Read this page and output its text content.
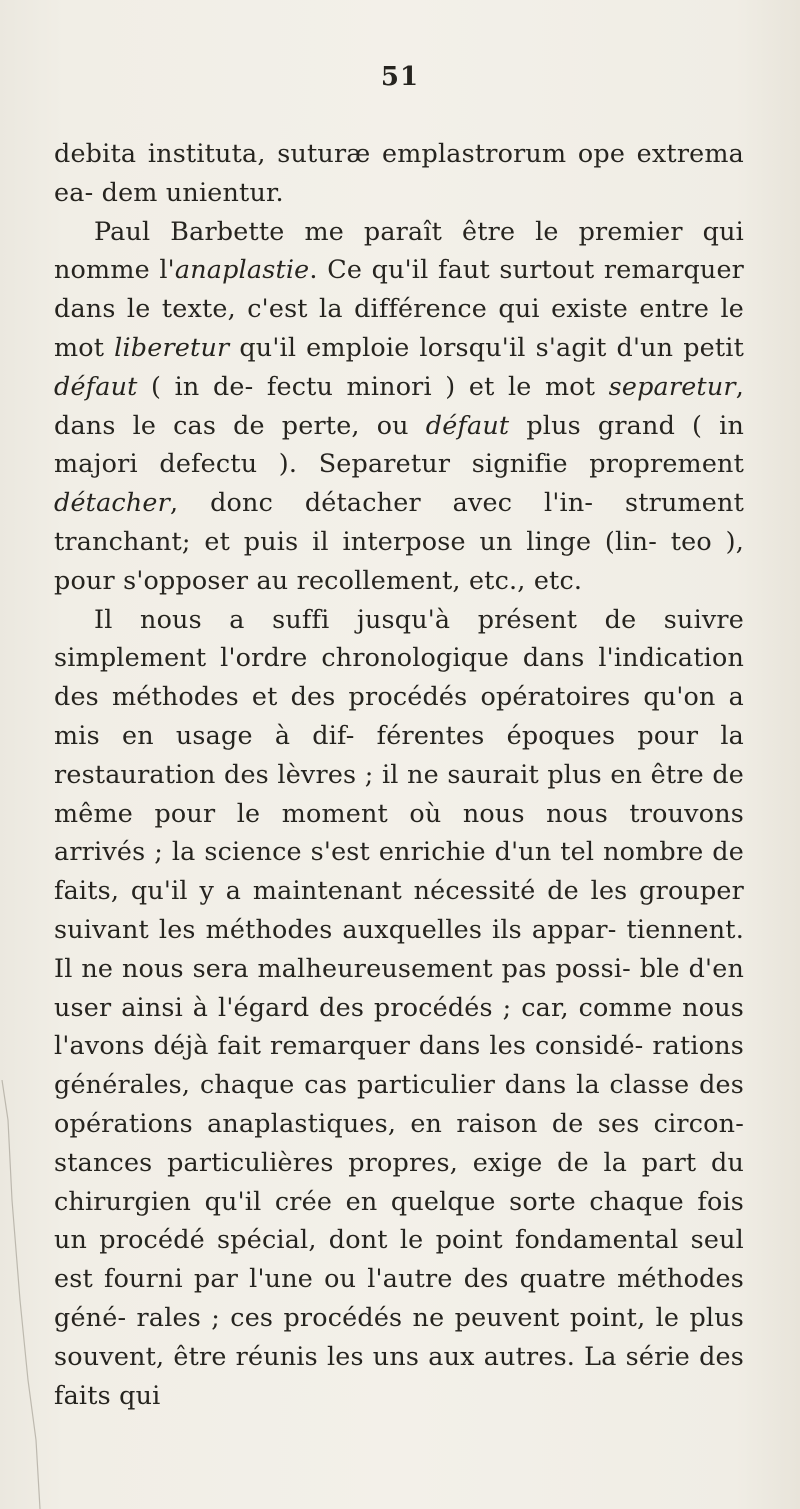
51

debita instituta, suturæ emplastrorum ope extrema ea- dem unientur.

Paul Barbette me paraît être le premier qui nomme l'anaplastie. Ce qu'il faut surtout remarquer dans le texte, c'est la différence qui existe entre le mot liberetur qu'il emploie lorsqu'il s'agit d'un petit défaut ( in de- fectu minori ) et le mot separetur, dans le cas de perte, ou défaut plus grand ( in majori defectu ). Separetur signifie proprement détacher, donc détacher avec l'in- strument tranchant; et puis il interpose un linge (lin- teo ), pour s'opposer au recollement, etc., etc.

Il nous a suffi jusqu'à présent de suivre simplement l'ordre chronologique dans l'indication des méthodes et des procédés opératoires qu'on a mis en usage à dif- férentes époques pour la restauration des lèvres ; il ne saurait plus en être de même pour le moment où nous nous trouvons arrivés ; la science s'est enrichie d'un tel nombre de faits, qu'il y a maintenant nécessité de les grouper suivant les méthodes auxquelles ils appar- tiennent. Il ne nous sera malheureusement pas possi- ble d'en user ainsi à l'égard des procédés ; car, comme nous l'avons déjà fait remarquer dans les considé- rations générales, chaque cas particulier dans la classe des opérations anaplastiques, en raison de ses circon- stances particulières propres, exige de la part du chirurgien qu'il crée en quelque sorte chaque fois un procédé spécial, dont le point fondamental seul est fourni par l'une ou l'autre des quatre méthodes géné- rales ; ces procédés ne peuvent point, le plus souvent, être réunis les uns aux autres. La série des faits qui
